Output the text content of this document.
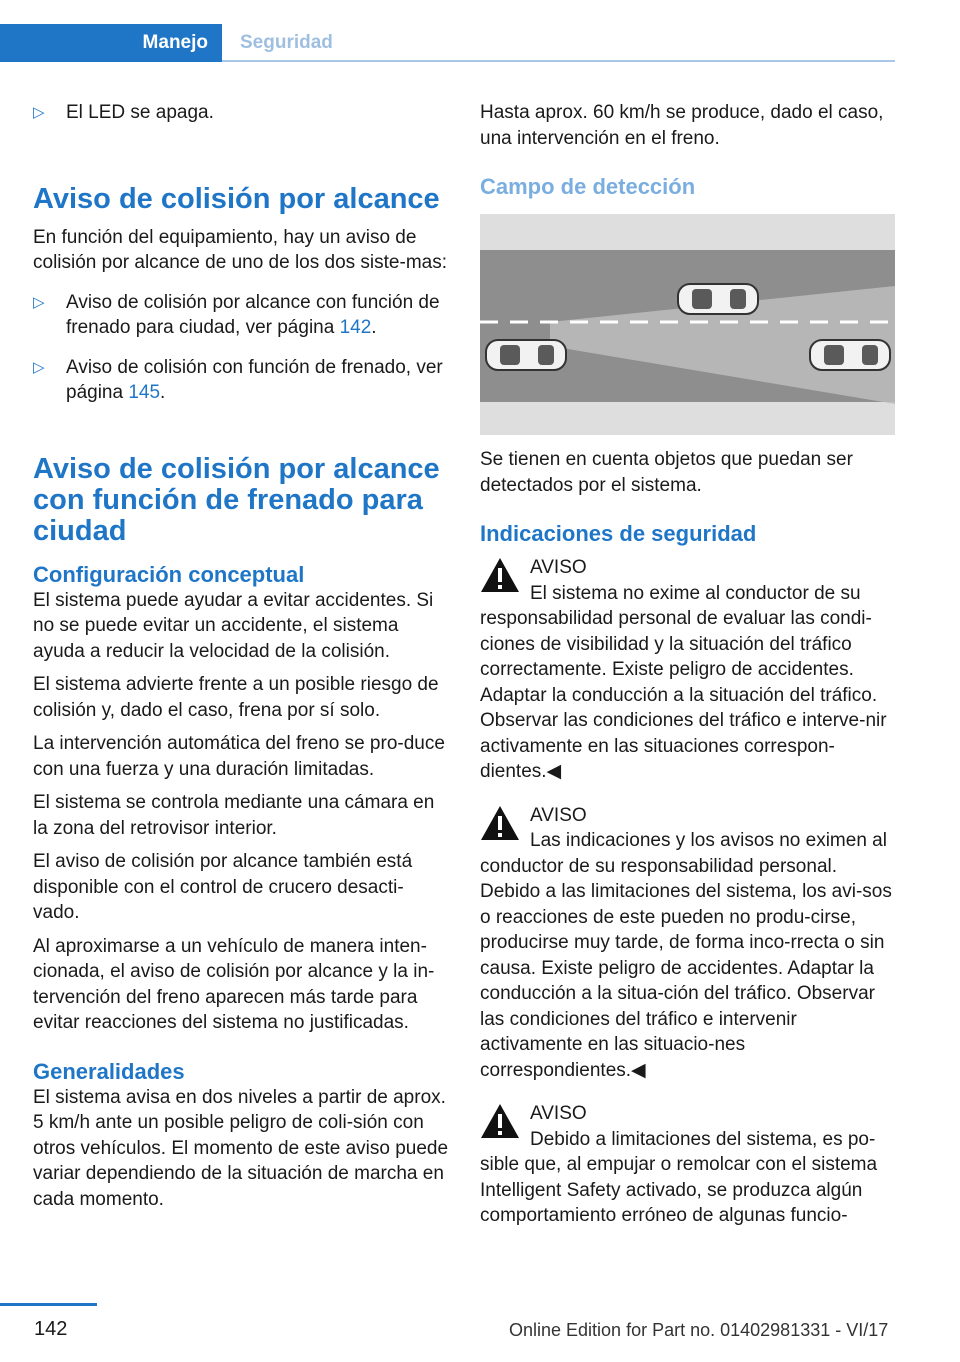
Manejo Seguridad
▷ El LED se apaga.
Aviso de colisión por alcance

En función del equipamiento, hay un aviso de colisión por alcance de uno de los dos siste‐mas:

▷ Aviso de colisión por alcance con función de frenado para ciudad, ver página 142.
▷ Aviso de colisión con función de frenado, ver página 145.
Aviso de colisión por alcance con función de frenado para ciudad
Configuración conceptual

El sistema puede ayudar a evitar accidentes. Si no se puede evitar un accidente, el sistema ayuda a reducir la velocidad de la colisión.

El sistema advierte frente a un posible riesgo de colisión y, dado el caso, frena por sí solo.

La intervención automática del freno se pro‐duce con una fuerza y una duración limitadas.

El sistema se controla mediante una cámara en la zona del retrovisor interior.

El aviso de colisión por alcance también está disponible con el control de crucero desacti‐vado.

Al aproximarse a un vehículo de manera inten‐cionada, el aviso de colisión por alcance y la in‐tervención del freno aparecen más tarde para evitar reacciones del sistema no justificadas.

Generalidades

El sistema avisa en dos niveles a partir de aprox. 5 km/h ante un posible peligro de coli‐sión con otros vehículos. El momento de este aviso puede variar dependiendo de la situación de marcha en cada momento.

Hasta aprox. 60 km/h se produce, dado el caso, una intervención en el freno.

Campo de detección

Se tienen en cuenta objetos que puedan ser detectados por el sistema.

Indicaciones de seguridad
AVISO
El sistema no exime al conductor de su responsabilidad personal de evaluar las condi‐ciones de visibilidad y la situación del tráfico correctamente. Existe peligro de accidentes. Adaptar la conducción a la situación del tráfico. Observar las condiciones del tráfico e interve‐nir activamente en las situaciones correspon‐dientes.◀
AVISO
Las indicaciones y los avisos no eximen al conductor de su responsabilidad personal. Debido a las limitaciones del sistema, los avi‐sos o reacciones de este pueden no produ‐cirse, producirse muy tarde, de forma inco‐rrecta o sin causa. Existe peligro de accidentes. Adaptar la conducción a la situa‐ción del tráfico. Observar las condiciones del tráfico e intervenir activamente en las situacio‐nes correspondientes.◀
AVISO
Debido a limitaciones del sistema, es po‐sible que, al empujar o remolcar con el sistema Intelligent Safety activado, se produzca algún comportamiento erróneo de algunas funcio‐
142	Online Edition for Part no. 01402981331 - VI/17
